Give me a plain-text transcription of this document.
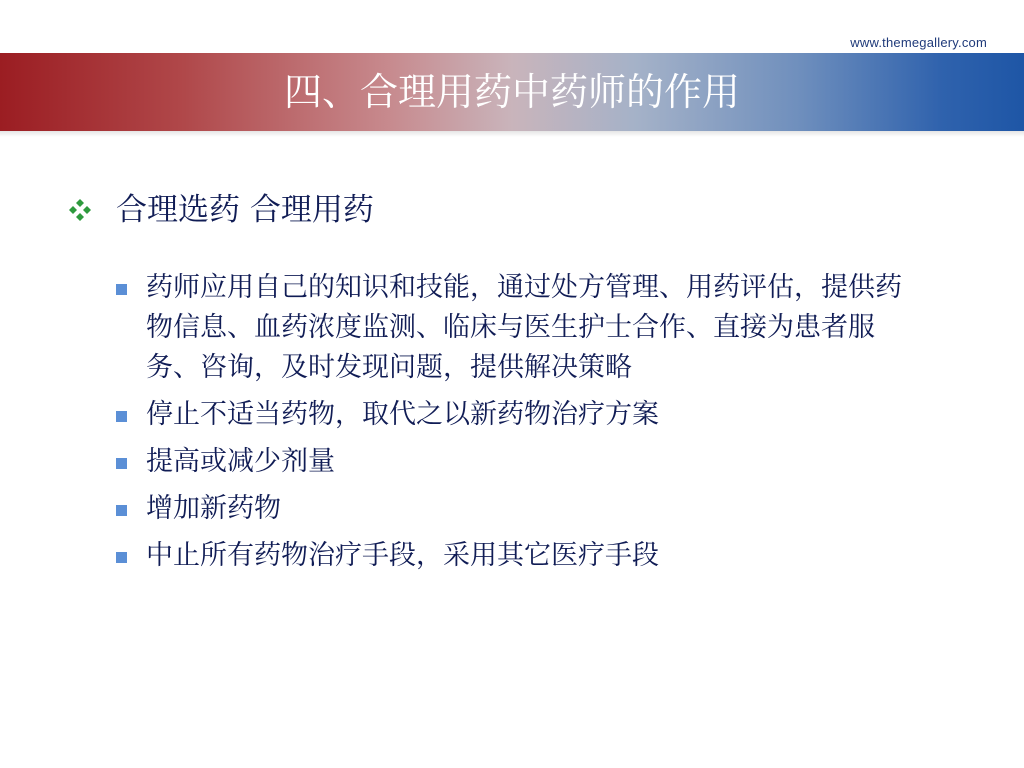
www.themegallery.com
四、合理用药中药师的作用
合理选药 合理用药
药师应用自己的知识和技能，通过处方管理、用药评估，提供药物信息、血药浓度监测、临床与医生护士合作、直接为患者服务、咨询，及时发现问题，提供解决策略
停止不适当药物，取代之以新药物治疗方案
提高或减少剂量
增加新药物
中止所有药物治疗手段，采用其它医疗手段
